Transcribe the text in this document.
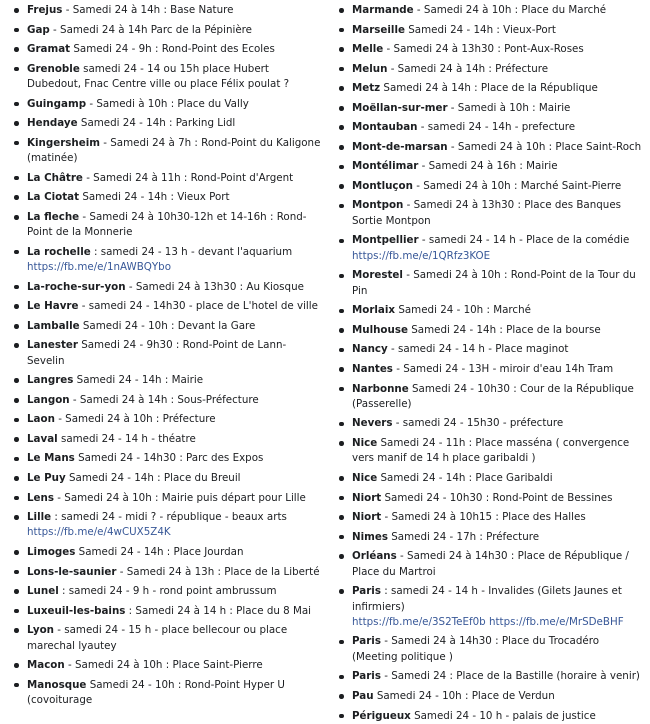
Frejus - Samedi 24 à 14h : Base Nature
Gap - Samedi 24 à 14h Parc de la Pépinière
Gramat Samedi 24 - 9h : Rond-Point des Ecoles
Grenoble samedi 24 - 14 ou 15h place Hubert Dubedout, Fnac Centre ville ou place Félix poulat ?
Guingamp - Samedi à 10h : Place du Vally
Hendaye Samedi 24 - 14h : Parking Lidl
Kingersheim - Samedi 24 à 7h : Rond-Point du Kaligone (matinée)
La Châtre - Samedi 24 à 11h : Rond-Point d'Argent
La Ciotat Samedi 24 - 14h : Vieux Port
La fleche - Samedi 24 à 10h30-12h et 14-16h : Rond-Point de la Monnerie
La rochelle : samedi 24 - 13 h - devant l'aquarium
https://fb.me/e/1nAWBQYbo
La-roche-sur-yon - Samedi 24 à 13h30 : Au Kiosque
Le Havre - samedi 24 - 14h30 - place de L'hotel de ville
Lamballe Samedi 24 - 10h : Devant la Gare
Lanester Samedi 24 - 9h30 : Rond-Point de Lann-Sevelin
Langres Samedi 24 - 14h : Mairie
Langon - Samedi 24 à 14h : Sous-Préfecture
Laon - Samedi 24 à 10h : Préfecture
Laval samedi 24 - 14 h - théatre
Le Mans Samedi 24 - 14h30 : Parc des Expos
Le Puy Samedi 24 - 14h : Place du Breuil
Lens - Samedi 24 à 10h : Mairie puis départ pour Lille
Lille : samedi 24 - midi ? - république - beaux arts
https://fb.me/e/4wCUX5Z4K
Limoges Samedi 24 - 14h : Place Jourdan
Lons-le-saunier - Samedi 24 à 13h : Place de la Liberté
Lunel : samedi 24 - 9 h - rond point ambrussum
Luxeuil-les-bains : Samedi 24 à 14 h : Place du 8 Mai
Lyon - samedi 24 - 15 h - place bellecour ou place marechal lyautey
Macon - Samedi 24 à 10h : Place Saint-Pierre
Manosque Samedi 24 - 10h : Rond-Point Hyper U (covoiturage
Marmande - Samedi 24 à 10h : Place du Marché
Marseille Samedi 24 - 14h : Vieux-Port
Melle - Samedi 24 à 13h30 : Pont-Aux-Roses
Melun - Samedi 24 à 14h : Préfecture
Metz Samedi 24 à 14h : Place de la République
Moëllan-sur-mer - Samedi à 10h : Mairie
Montauban - samedi 24 - 14h - prefecture
Mont-de-marsan - Samedi 24 à 10h : Place Saint-Roch
Montélimar - Samedi 24 à 16h : Mairie
Montluçon - Samedi 24 à 10h : Marché Saint-Pierre
Montpon - Samedi 24 à 13h30 : Place des Banques Sortie Montpon
Montpellier - samedi 24 - 14 h - Place de la comédie
https://fb.me/e/1QRfz3KOE
Morestel - Samedi 24 à 10h : Rond-Point de la Tour du Pin
Morlaix Samedi 24 - 10h : Marché
Mulhouse Samedi 24 - 14h : Place de la bourse
Nancy - samedi 24 - 14 h - Place maginot
Nantes - Samedi 24 - 13H - miroir d'eau 14h Tram
Narbonne Samedi 24 - 10h30 : Cour de la République (Passerelle)
Nevers - samedi 24 - 15h30 - préfecture
Nice Samedi 24 - 11h : Place masséna ( convergence vers manif de 14 h place garibaldi )
Nice Samedi 24 - 14h : Place Garibaldi
Niort Samedi 24 - 10h30 : Rond-Point de Bessines
Niort - Samedi 24 à 10h15 : Place des Halles
Nimes Samedi 24 - 17h : Préfecture
Orléans - Samedi 24 à 14h30 : Place de République / Place du Martroi
Paris : samedi 24 - 14 h - Invalides (Gilets Jaunes et infirmiers)
https://fb.me/e/3S2TeEf0b https://fb.me/e/MrSDeBHF
Paris - Samedi 24 à 14h30 : Place du Trocadéro (Meeting politique )
Paris - Samedi 24 : Place de la Bastille (horaire à venir)
Pau Samedi 24 - 10h : Place de Verdun
Périgueux Samedi 24 - 10 h - palais de justice
